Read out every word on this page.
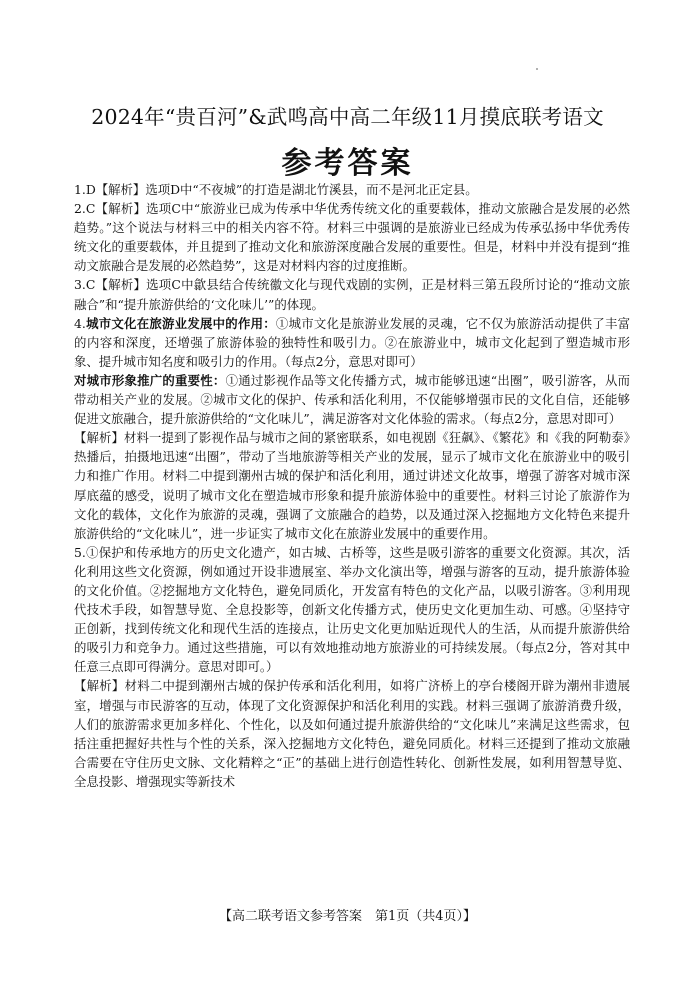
2024年“贵百河”&武鸣高中高二年级11月摸底联考语文
参考答案

1.D【解析】选项D中“不夜城”的打造是湖北竹溪县，而不是河北正定县。

2.C【解析】选项C中“旅游业已成为传承中华优秀传统文化的重要载体，推动文旅融合是发展的必然趋势。”这个说法与材料三中的相关内容不符。材料三中强调的是旅游业已经成为传承弘扬中华优秀传统文化的重要载体，并且提到了推动文化和旅游深度融合发展的重要性。但是，材料中并没有提到“推动文旅融合是发展的必然趋势”，这是对材料内容的过度推断。

3.C【解析】选项C中歙县结合传统徽文化与现代戏剧的实例，正是材料三第五段所讨论的“推动文旅融合”和“提升旅游供给的‘文化味儿’”的体现。

4.城市文化在旅游业发展中的作用：①城市文化是旅游业发展的灵魂，它不仅为旅游活动提供了丰富的内容和深度，还增强了旅游体验的独特性和吸引力。②在旅游业中，城市文化起到了塑造城市形象、提升城市知名度和吸引力的作用。（每点2分，意思对即可）

对城市形象推广的重要性：①通过影视作品等文化传播方式，城市能够迅速“出圈”，吸引游客，从而带动相关产业的发展。②城市文化的保护、传承和活化利用，不仅能够增强市民的文化自信，还能够促进文旅融合，提升旅游供给的“文化味儿”，满足游客对文化体验的需求。（每点2分，意思对即可）

【解析】材料一提到了影视作品与城市之间的紧密联系，如电视剧《狂飙》、《繁花》和《我的阿勒泰》热播后，拍摄地迅速“出圈”，带动了当地旅游等相关产业的发展，显示了城市文化在旅游业中的吸引力和推广作用。材料二中提到潮州古城的保护和活化利用，通过讲述文化故事，增强了游客对城市深厚底蕴的感受，说明了城市文化在塑造城市形象和提升旅游体验中的重要性。材料三讨论了旅游作为文化的载体，文化作为旅游的灵魂，强调了文旅融合的趋势，以及通过深入挖掘地方文化特色来提升旅游供给的“文化味儿”，进一步证实了城市文化在旅游业发展中的重要作用。

5.①保护和传承地方的历史文化遗产，如古城、古桥等，这些是吸引游客的重要文化资源。其次，活化利用这些文化资源，例如通过开设非遗展室、举办文化演出等，增强与游客的互动，提升旅游体验的文化价值。②挖掘地方文化特色，避免同质化，开发富有特色的文化产品，以吸引游客。③利用现代技术手段，如智慧导览、全息投影等，创新文化传播方式，使历史文化更加生动、可感。④坚持守正创新，找到传统文化和现代生活的连接点，让历史文化更加贴近现代人的生活，从而提升旅游供给的吸引力和竞争力。通过这些措施，可以有效地推动地方旅游业的可持续发展。（每点2分，答对其中任意三点即可得满分。意思对即可。）

【解析】材料二中提到潮州古城的保护传承和活化利用，如将广济桥上的亭台楼阁开辟为潮州非遗展室，增强与市民游客的互动，体现了文化资源保护和活化利用的实践。材料三强调了旅游消费升级，人们的旅游需求更加多样化、个性化，以及如何通过提升旅游供给的“文化味儿”来满足这些需求，包括注重把握好共性与个性的关系，深入挖掘地方文化特色，避免同质化。材料三还提到了推动文旅融合需要在守住历史文脉、文化精粹之“正”的基础上进行创造性转化、创新性发展，如利用智慧导览、全息投影、增强现实等新技术

【高二联考语文参考答案　第1页（共4页）】
